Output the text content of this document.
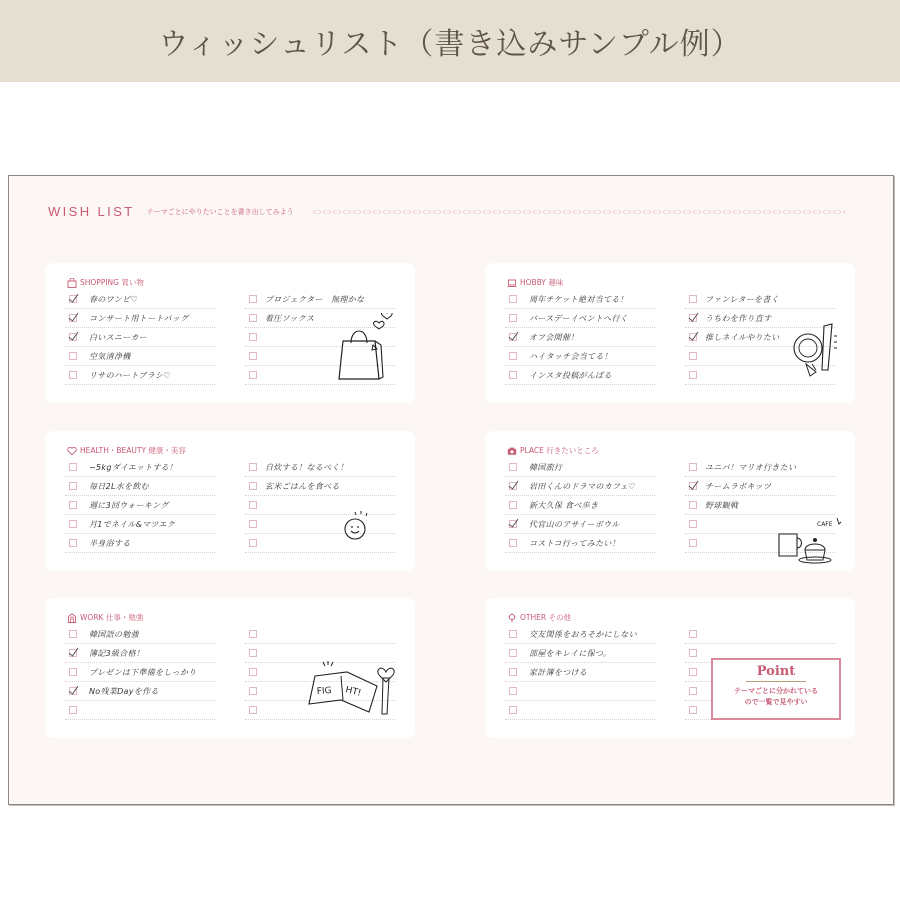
ウィッシュリスト（書き込みサンプル例）
WISH LIST テーマごとにやりたいことを書き出してみよう
SHOPPING 買い物
春のワンピ♡
コンサート用トートバッグ
白いスニーカー
空気清浄機
リサのハートブラシ♡
プロジェクター　無理かな
着圧ソックス
HOBBY 趣味
周年チケット絶対当てる！
バースデーイベントへ行く
オフ会開催！
ハイタッチ会当てる！
インスタ投稿がんばる
ファンレターを書く
うちわを作り直す
推しネイルやりたい
HEALTH・BEAUTY 健康・美容
−5kgダイエットする！
毎日2L水を飲む
週に3回ウォーキング
月1でネイル&マツエク
半身浴する
自炊する！なるべく！
玄米ごはんを食べる
PLACE 行きたいところ
韓国旅行
岩田くんのドラマのカフェ♡
新大久保 食べ歩き
代官山のアサイーボウル
コストコ行ってみたい！
ユニバ！マリオ行きたい
チームラボキッツ
野球観戦
CAFE
WORK 仕事・勉強
韓国語の勉強
簿記3級合格！
プレゼンは下準備をしっかり
No残業Dayを作る	FIG HT!
OTHER その他
交友関係をおろそかにしない
部屋をキレイに保つ。
家計簿をつける	Point
テーマごとに分かれている
ので一覧で見やすい
